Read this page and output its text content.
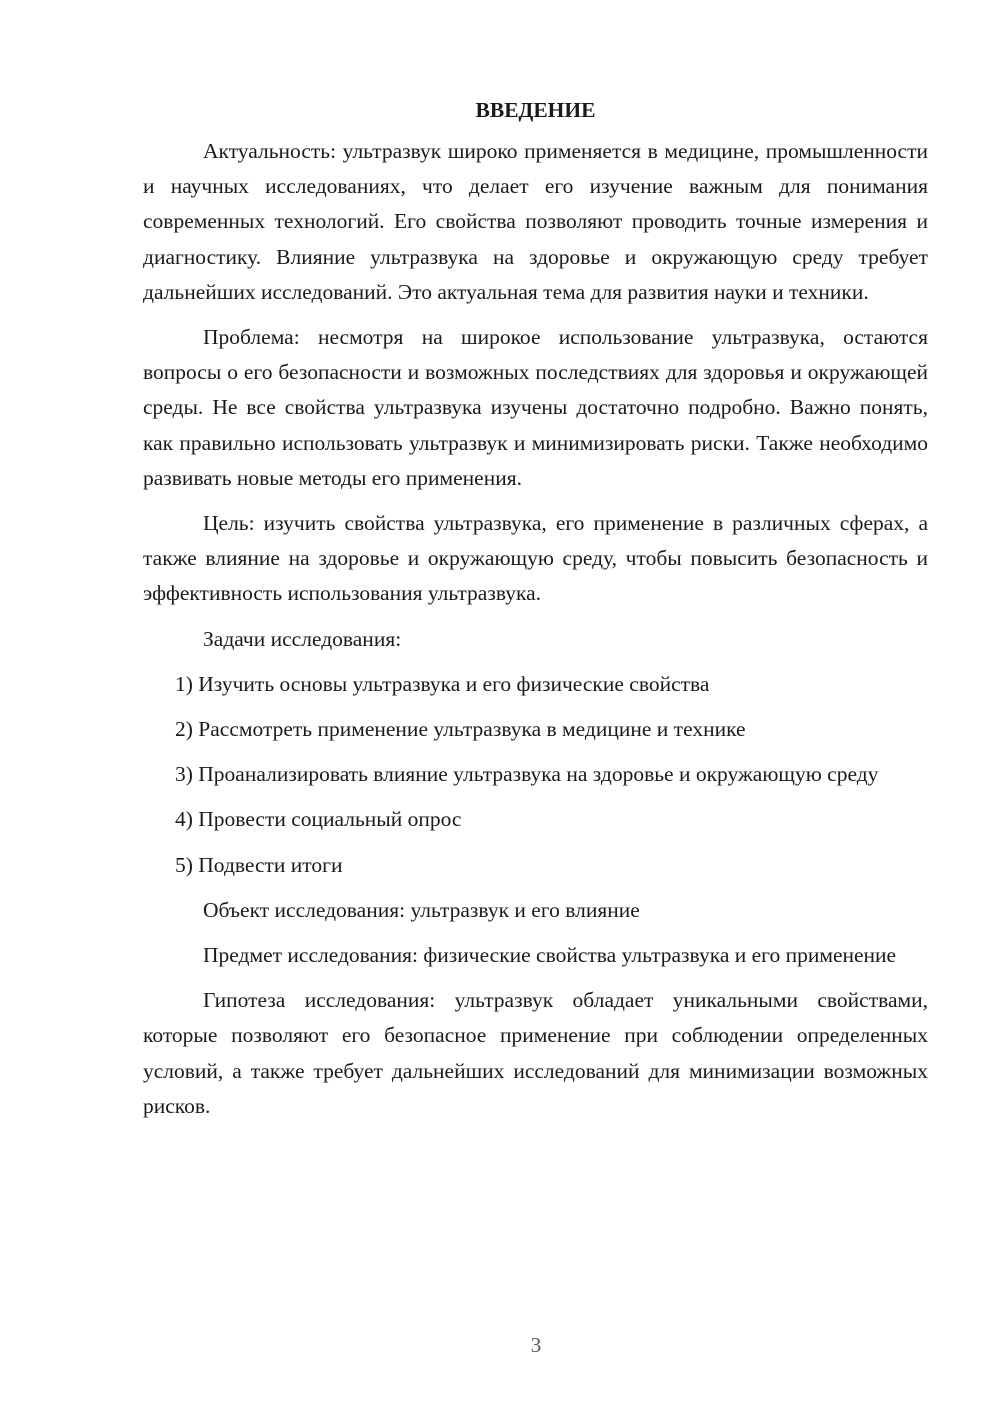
ВВЕДЕНИЕ
Актуальность: ультразвук широко применяется в медицине, промышленности и научных исследованиях, что делает его изучение важным для понимания современных технологий. Его свойства позволяют проводить точные измерения и диагностику. Влияние ультразвука на здоровье и окружающую среду требует дальнейших исследований. Это актуальная тема для развития науки и техники.
Проблема: несмотря на широкое использование ультразвука, остаются вопросы о его безопасности и возможных последствиях для здоровья и окружающей среды. Не все свойства ультразвука изучены достаточно подробно. Важно понять, как правильно использовать ультразвук и минимизировать риски. Также необходимо развивать новые методы его применения.
Цель: изучить свойства ультразвука, его применение в различных сферах, а также влияние на здоровье и окружающую среду, чтобы повысить безопасность и эффективность использования ультразвука.
Задачи исследования:
1) Изучить основы ультразвука и его физические свойства
2) Рассмотреть применение ультразвука в медицине и технике
3) Проанализировать влияние ультразвука на здоровье и окружающую среду
4) Провести социальный опрос
5) Подвести итоги
Объект исследования: ультразвук и его влияние
Предмет исследования: физические свойства ультразвука и его применение
Гипотеза исследования: ультразвук обладает уникальными свойствами, которые позволяют его безопасное применение при соблюдении определенных условий, а также требует дальнейших исследований для минимизации возможных рисков.
3
